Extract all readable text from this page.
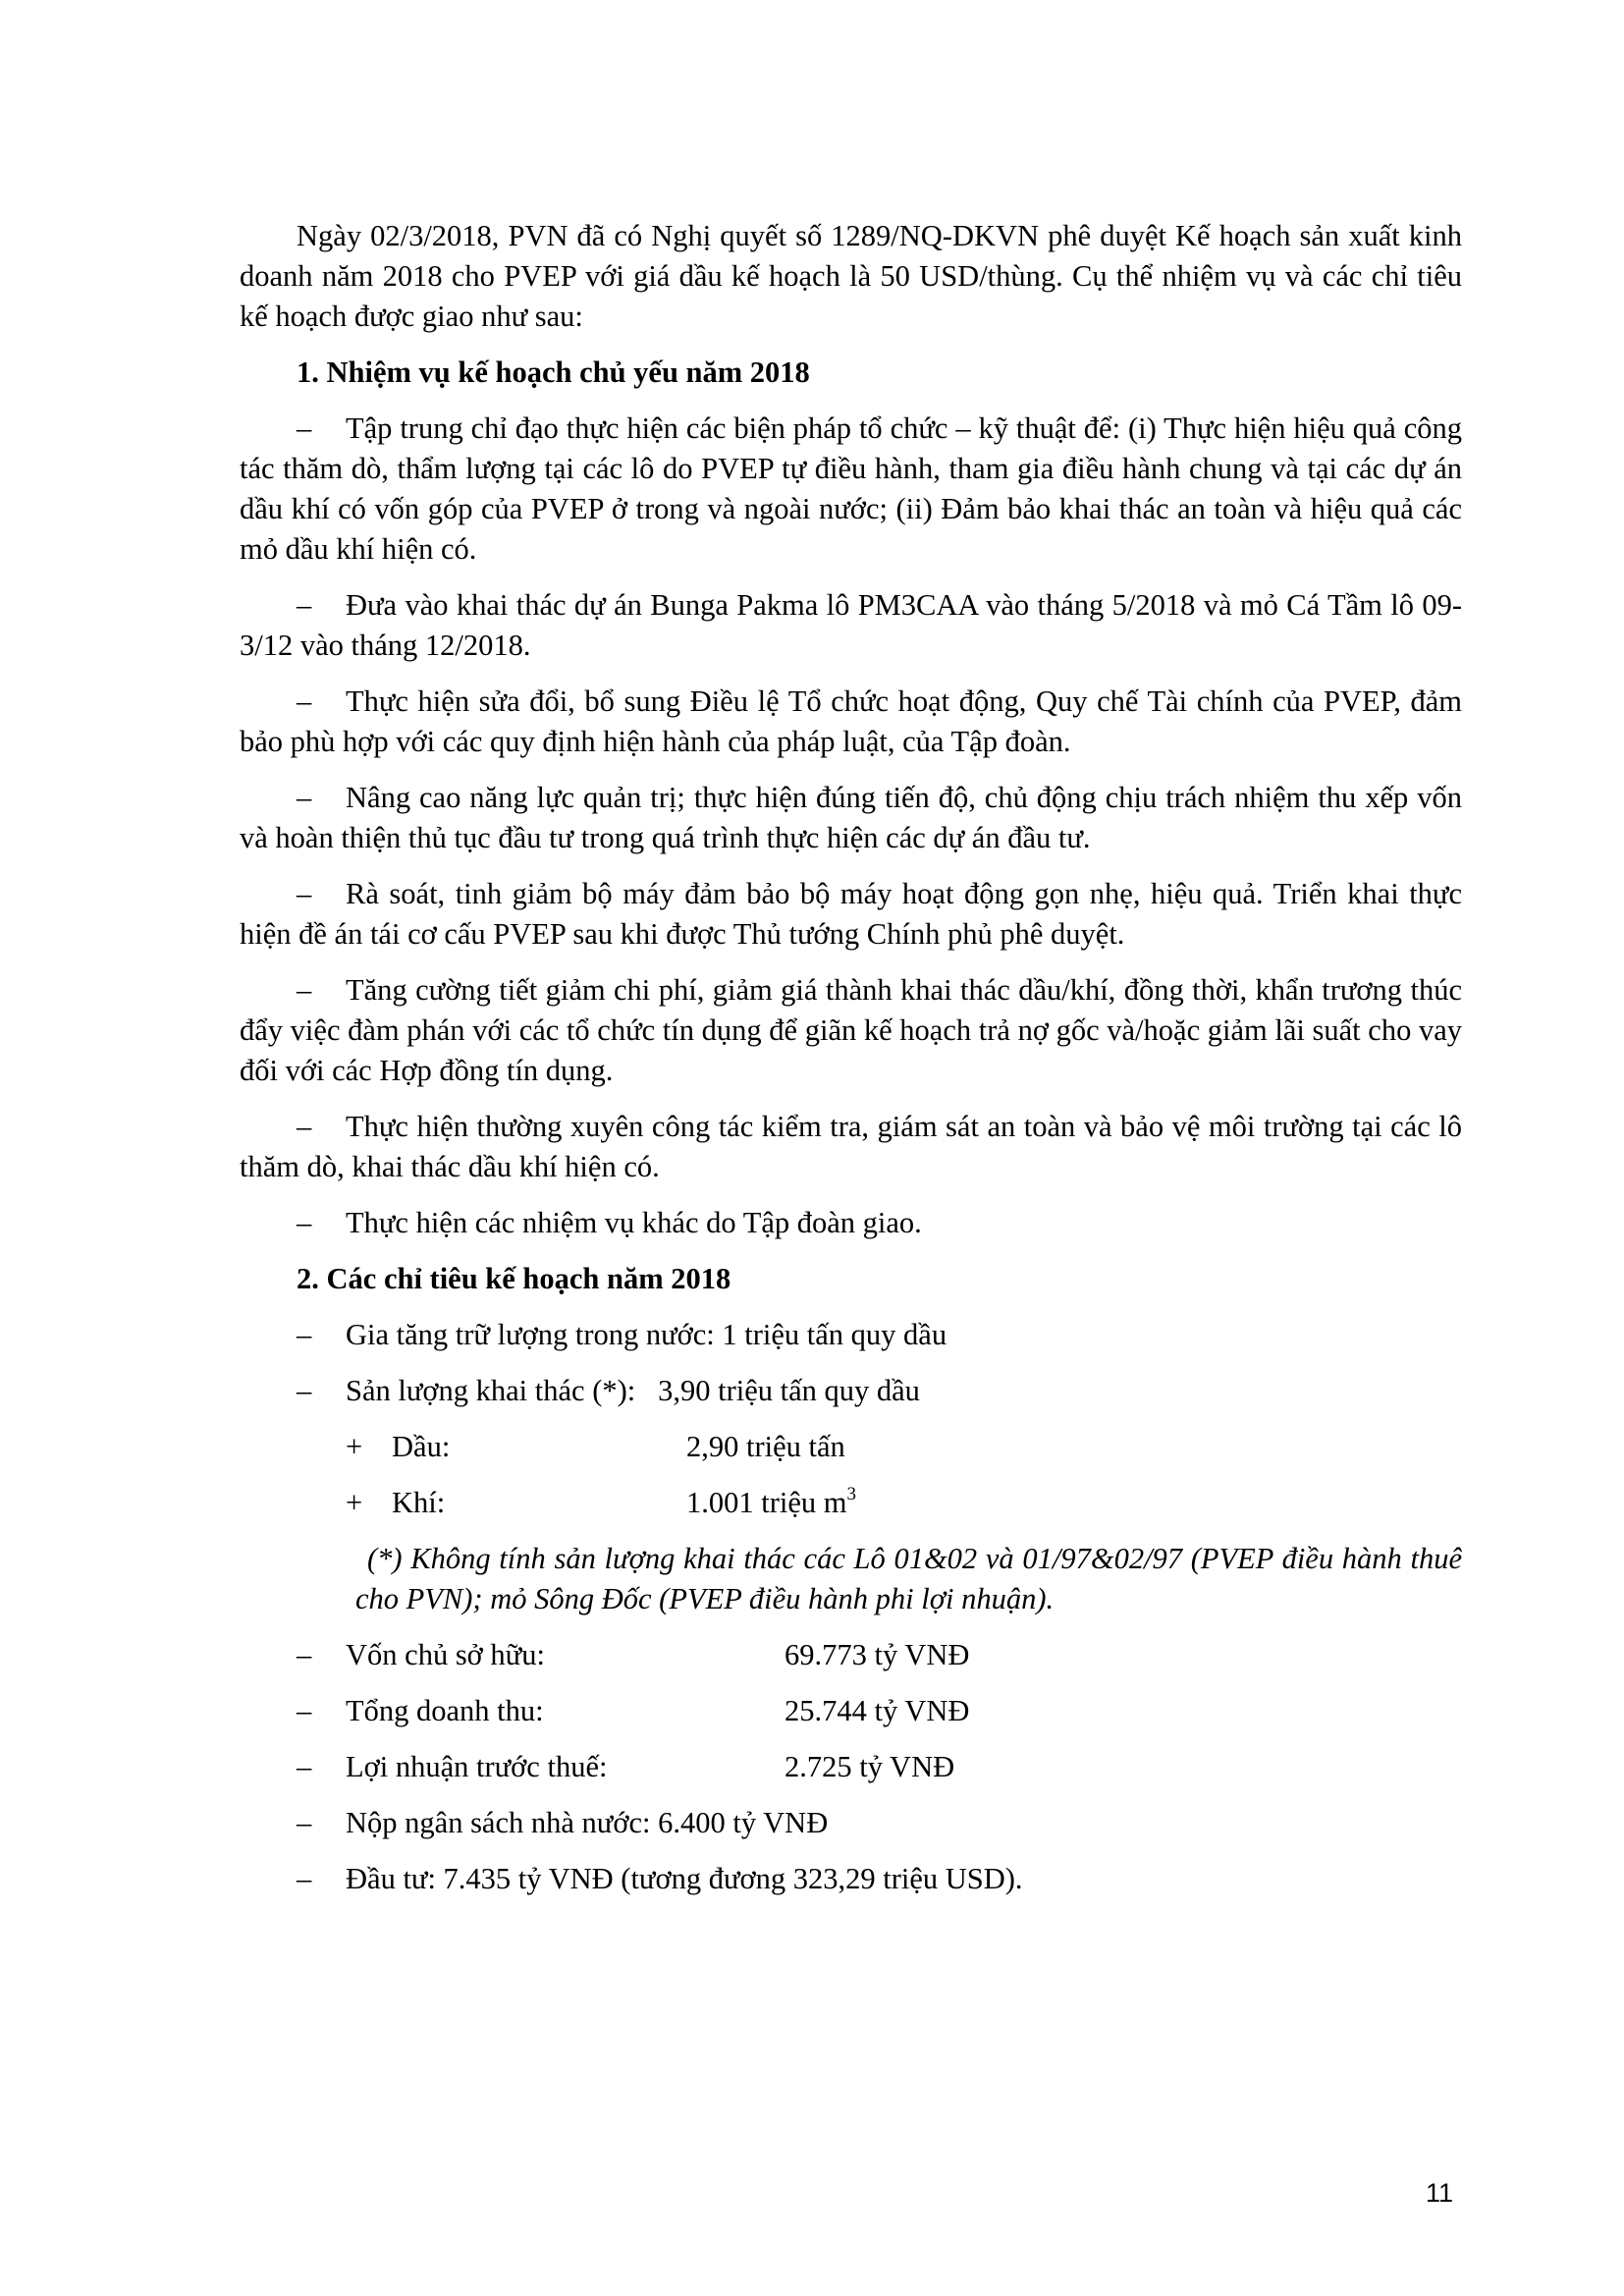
Ngày 02/3/2018, PVN đã có Nghị quyết số 1289/NQ-DKVN phê duyệt Kế hoạch sản xuất kinh doanh năm 2018 cho PVEP với giá dầu kế hoạch là 50 USD/thùng. Cụ thể nhiệm vụ và các chỉ tiêu kế hoạch được giao như sau:

1. Nhiệm vụ kế hoạch chủ yếu năm 2018

– Tập trung chỉ đạo thực hiện các biện pháp tổ chức – kỹ thuật để: (i) Thực hiện hiệu quả công tác thăm dò, thẩm lượng tại các lô do PVEP tự điều hành, tham gia điều hành chung và tại các dự án dầu khí có vốn góp của PVEP ở trong và ngoài nước; (ii) Đảm bảo khai thác an toàn và hiệu quả các mỏ dầu khí hiện có.

– Đưa vào khai thác dự án Bunga Pakma lô PM3CAA vào tháng 5/2018 và mỏ Cá Tầm lô 09-3/12 vào tháng 12/2018.

– Thực hiện sửa đổi, bổ sung Điều lệ Tổ chức hoạt động, Quy chế Tài chính của PVEP, đảm bảo phù hợp với các quy định hiện hành của pháp luật, của Tập đoàn.

– Nâng cao năng lực quản trị; thực hiện đúng tiến độ, chủ động chịu trách nhiệm thu xếp vốn và hoàn thiện thủ tục đầu tư trong quá trình thực hiện các dự án đầu tư.

– Rà soát, tinh giảm bộ máy đảm bảo bộ máy hoạt động gọn nhẹ, hiệu quả. Triển khai thực hiện đề án tái cơ cấu PVEP sau khi được Thủ tướng Chính phủ phê duyệt.

– Tăng cường tiết giảm chi phí, giảm giá thành khai thác dầu/khí, đồng thời, khẩn trương thúc đẩy việc đàm phán với các tổ chức tín dụng để giãn kế hoạch trả nợ gốc và/hoặc giảm lãi suất cho vay đối với các Hợp đồng tín dụng.

– Thực hiện thường xuyên công tác kiểm tra, giám sát an toàn và bảo vệ môi trường tại các lô thăm dò, khai thác dầu khí hiện có.

– Thực hiện các nhiệm vụ khác do Tập đoàn giao.

2. Các chỉ tiêu kế hoạch năm 2018

– Gia tăng trữ lượng trong nước: 1 triệu tấn quy dầu

– Sản lượng khai thác (*): 3,90 triệu tấn quy dầu

+ Dầu:	2,90 triệu tấn

+ Khí:	1.001 triệu $m^3$

(*) Không tính sản lượng khai thác các Lô 01&02 và 01/97&02/97 (PVEP điều hành thuê cho PVN); mỏ Sông Đốc (PVEP điều hành phi lợi nhuận).

– Vốn chủ sở hữu:	69.773 tỷ VNĐ

– Tổng doanh thu:	25.744 tỷ VNĐ

– Lợi nhuận trước thuế:	2.725 tỷ VNĐ

– Nộp ngân sách nhà nước: 6.400 tỷ VNĐ

– Đầu tư: 7.435 tỷ VNĐ (tương đương 323,29 triệu USD).

11
